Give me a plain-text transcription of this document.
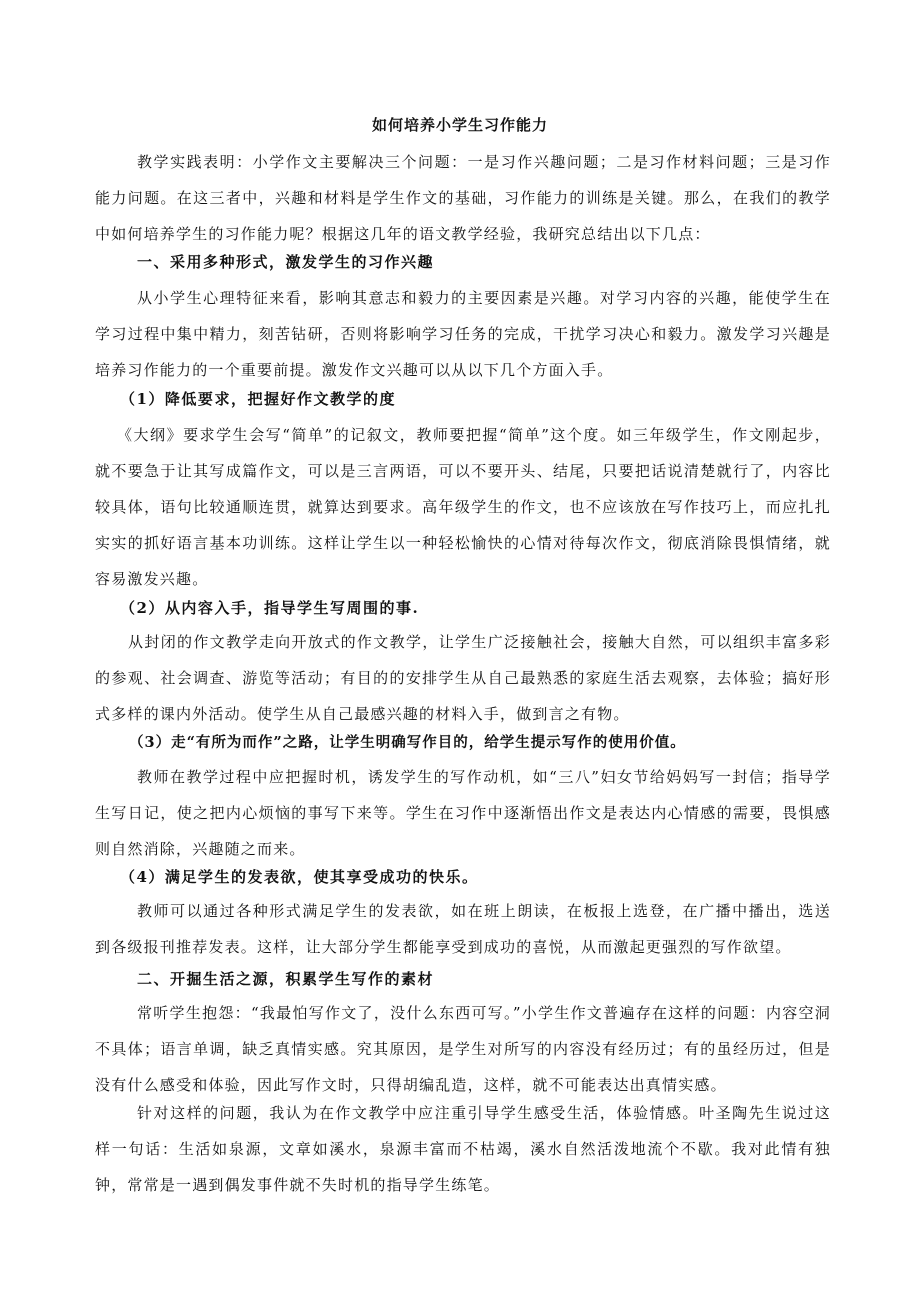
如何培养小学生习作能力

教学实践表明：小学作文主要解决三个问题：一是习作兴趣问题；二是习作材料问题；三是习作能力问题。在这三者中，兴趣和材料是学生作文的基础，习作能力的训练是关键。那么，在我们的教学中如何培养学生的习作能力呢？根据这几年的语文教学经验，我研究总结出以下几点：

一、采用多种形式，激发学生的习作兴趣

从小学生心理特征来看，影响其意志和毅力的主要因素是兴趣。对学习内容的兴趣，能使学生在学习过程中集中精力，刻苦钻研，否则将影响学习任务的完成，干扰学习决心和毅力。激发学习兴趣是培养习作能力的一个重要前提。激发作文兴趣可以从以下几个方面入手。

（1）降低要求，把握好作文教学的度

《大纲》要求学生会写“简单”的记叙文，教师要把握“简单”这个度。如三年级学生，作文刚起步，就不要急于让其写成篇作文，可以是三言两语，可以不要开头、结尾，只要把话说清楚就行了，内容比较具体，语句比较通顺连贯，就算达到要求。高年级学生的作文，也不应该放在写作技巧上，而应扎扎实实的抓好语言基本功训练。这样让学生以一种轻松愉快的心情对待每次作文，彻底消除畏惧情绪，就容易激发兴趣。

（2）从内容入手，指导学生写周围的事.

从封闭的作文教学走向开放式的作文教学，让学生广泛接触社会，接触大自然，可以组织丰富多彩的参观、社会调查、游览等活动；有目的的安排学生从自己最熟悉的家庭生活去观察，去体验；搞好形式多样的课内外活动。使学生从自己最感兴趣的材料入手，做到言之有物。

（3）走“有所为而作”之路，让学生明确写作目的，给学生提示写作的使用价值。

教师在教学过程中应把握时机，诱发学生的写作动机，如“三八”妇女节给妈妈写一封信；指导学生写日记，使之把内心烦恼的事写下来等。学生在习作中逐渐悟出作文是表达内心情感的需要，畏惧感则自然消除，兴趣随之而来。

（4）满足学生的发表欲，使其享受成功的快乐。

教师可以通过各种形式满足学生的发表欲，如在班上朗读，在板报上选登，在广播中播出，选送到各级报刊推荐发表。这样，让大部分学生都能享受到成功的喜悦，从而激起更强烈的写作欲望。

二、开掘生活之源，积累学生写作的素材

常听学生抱怨：“我最怕写作文了，没什么东西可写。”小学生作文普遍存在这样的问题：内容空洞不具体；语言单调，缺乏真情实感。究其原因，是学生对所写的内容没有经历过；有的虽经历过，但是没有什么感受和体验，因此写作文时，只得胡编乱造，这样，就不可能表达出真情实感。

针对这样的问题，我认为在作文教学中应注重引导学生感受生活，体验情感。叶圣陶先生说过这样一句话：生活如泉源，文章如溪水，泉源丰富而不枯竭，溪水自然活泼地流个不歇。我对此情有独钟，常常是一遇到偶发事件就不失时机的指导学生练笔。
